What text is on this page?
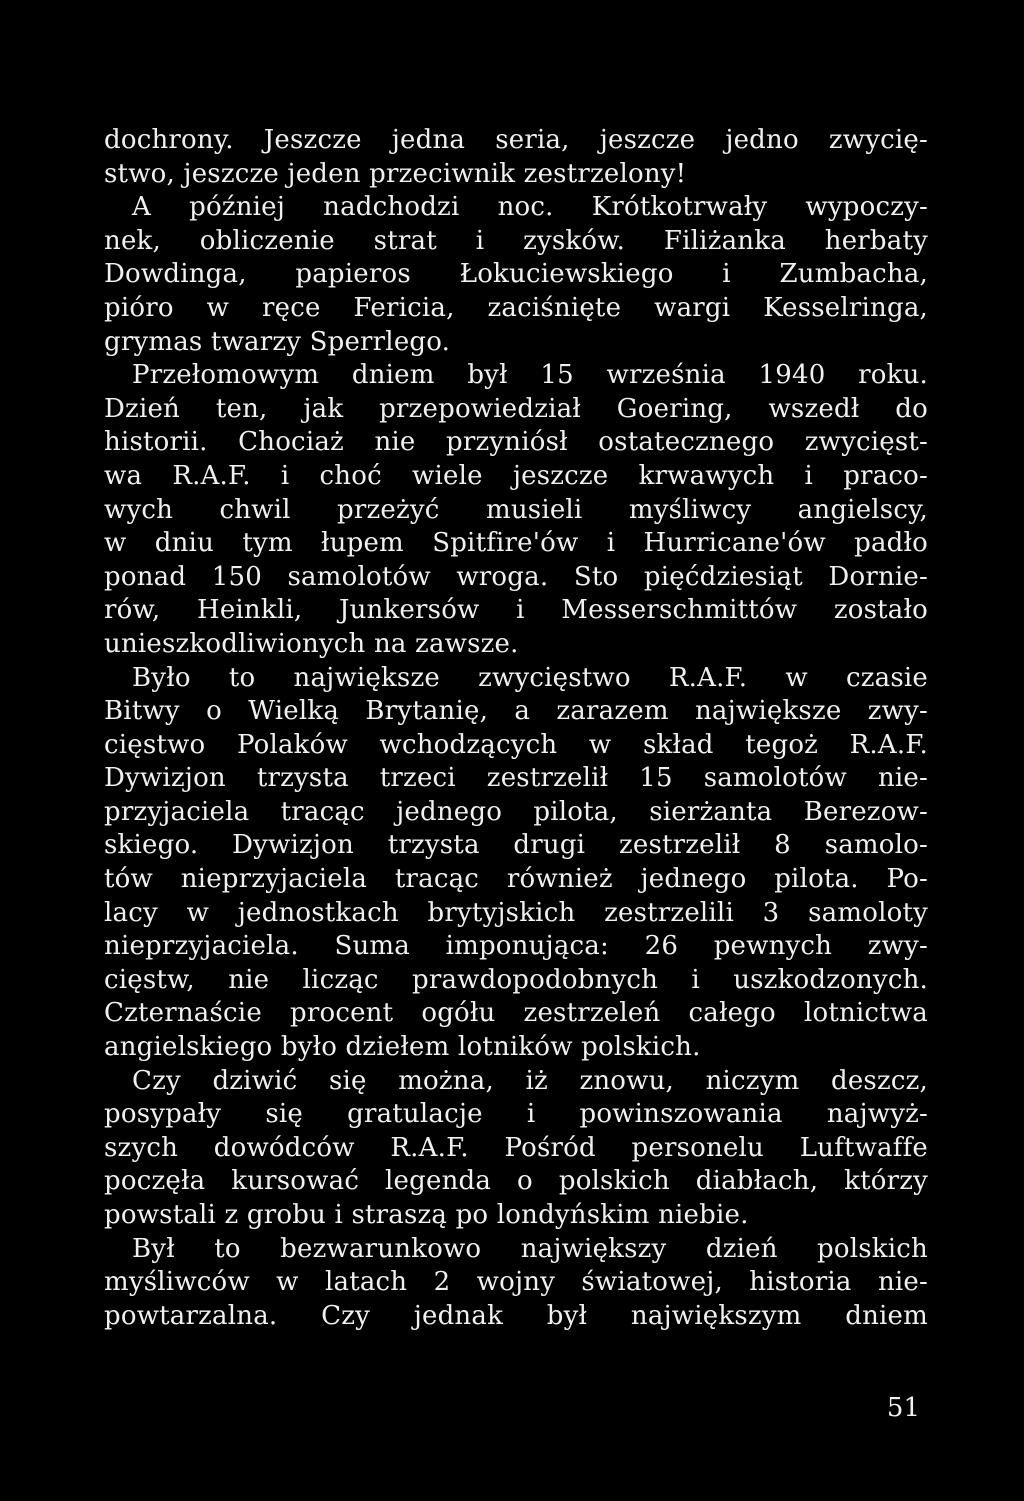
dochrony. Jeszcze jedna seria, jeszcze jedno zwycię-
stwo, jeszcze jeden przeciwnik zestrzelony!
A później nadchodzi noc. Krótkotrwały wypoczy-
nek, obliczenie strat i zysków. Filiżanka herbaty
Dowdinga, papieros Łokuciewskiego i Zumbacha,
pióro w ręce Fericia, zaciśnięte wargi Kesselringa,
grymas twarzy Sperrlego.
Przełomowym dniem był 15 września 1940 roku.
Dzień ten, jak przepowiedział Goering, wszedł do
historii. Chociaż nie przyniósł ostatecznego zwycięst-
wa R.A.F. i choć wiele jeszcze krwawych i praco-
wych chwil przeżyć musieli myśliwcy angielscy,
w dniu tym łupem Spitfire'ów i Hurricane'ów padło
ponad 150 samolotów wroga. Sto pięćdziesiąt Dornie-
rów, Heinkli, Junkersów i Messerschmittów zostało
unieszkodliwionych na zawsze.
Było to największe zwycięstwo R.A.F. w czasie
Bitwy o Wielką Brytanię, a zarazem największe zwy-
cięstwo Polaków wchodzących w skład tegoż R.A.F.
Dywizjon trzysta trzeci zestrzelił 15 samolotów nie-
przyjaciela tracąc jednego pilota, sierżanta Berezow-
skiego. Dywizjon trzysta drugi zestrzelił 8 samolo-
tów nieprzyjaciela tracąc również jednego pilota. Po-
lacy w jednostkach brytyjskich zestrzelili 3 samoloty
nieprzyjaciela. Suma imponująca: 26 pewnych zwy-
cięstw, nie licząc prawdopodobnych i uszkodzonych.
Czternaście procent ogółu zestrzeleń całego lotnictwa
angielskiego było dziełem lotników polskich.
Czy dziwić się można, iż znowu, niczym deszcz,
posypały się gratulacje i powinszowania najwyż-
szych dowódców R.A.F. Pośród personelu Luftwaffe
poczęła kursować legenda o polskich diabłach, którzy
powstali z grobu i straszą po londyńskim niebie.
Był to bezwarunkowo największy dzień polskich
myśliwców w latach 2 wojny światowej, historia nie-
powtarzalna. Czy jednak był największym dniem
51
